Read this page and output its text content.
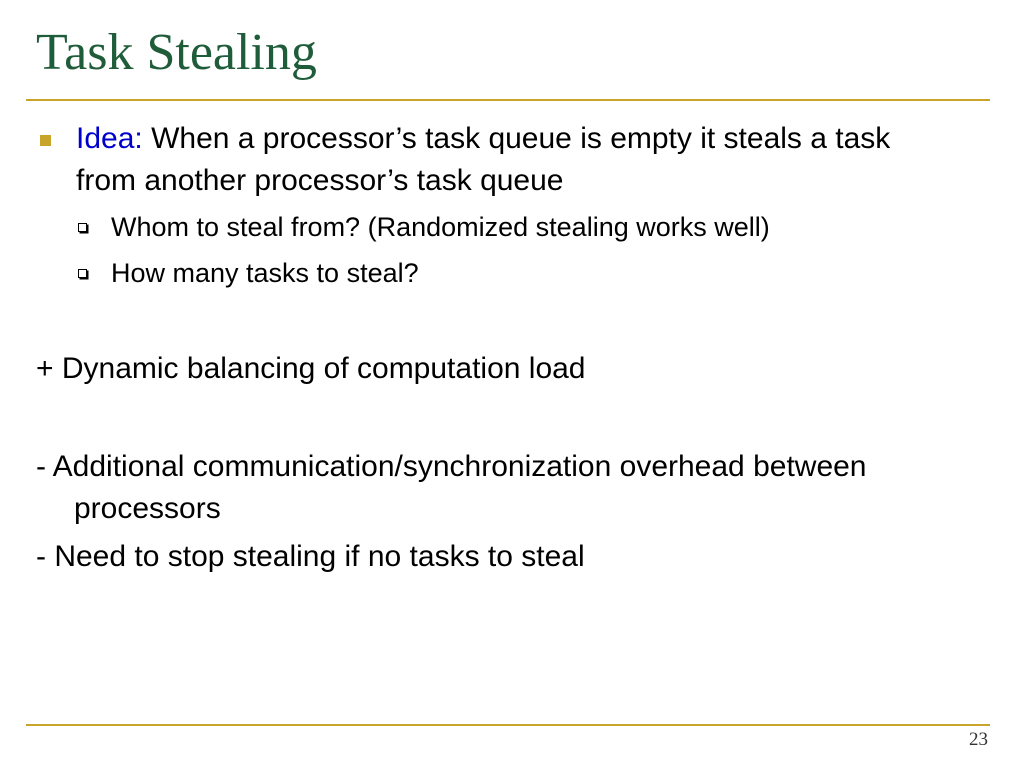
Task Stealing
Idea: When a processor’s task queue is empty it steals a task from another processor’s task queue
Whom to steal from? (Randomized stealing works well)
How many tasks to steal?
+ Dynamic balancing of computation load
- Additional communication/synchronization overhead between processors
- Need to stop stealing if no tasks to steal
23
